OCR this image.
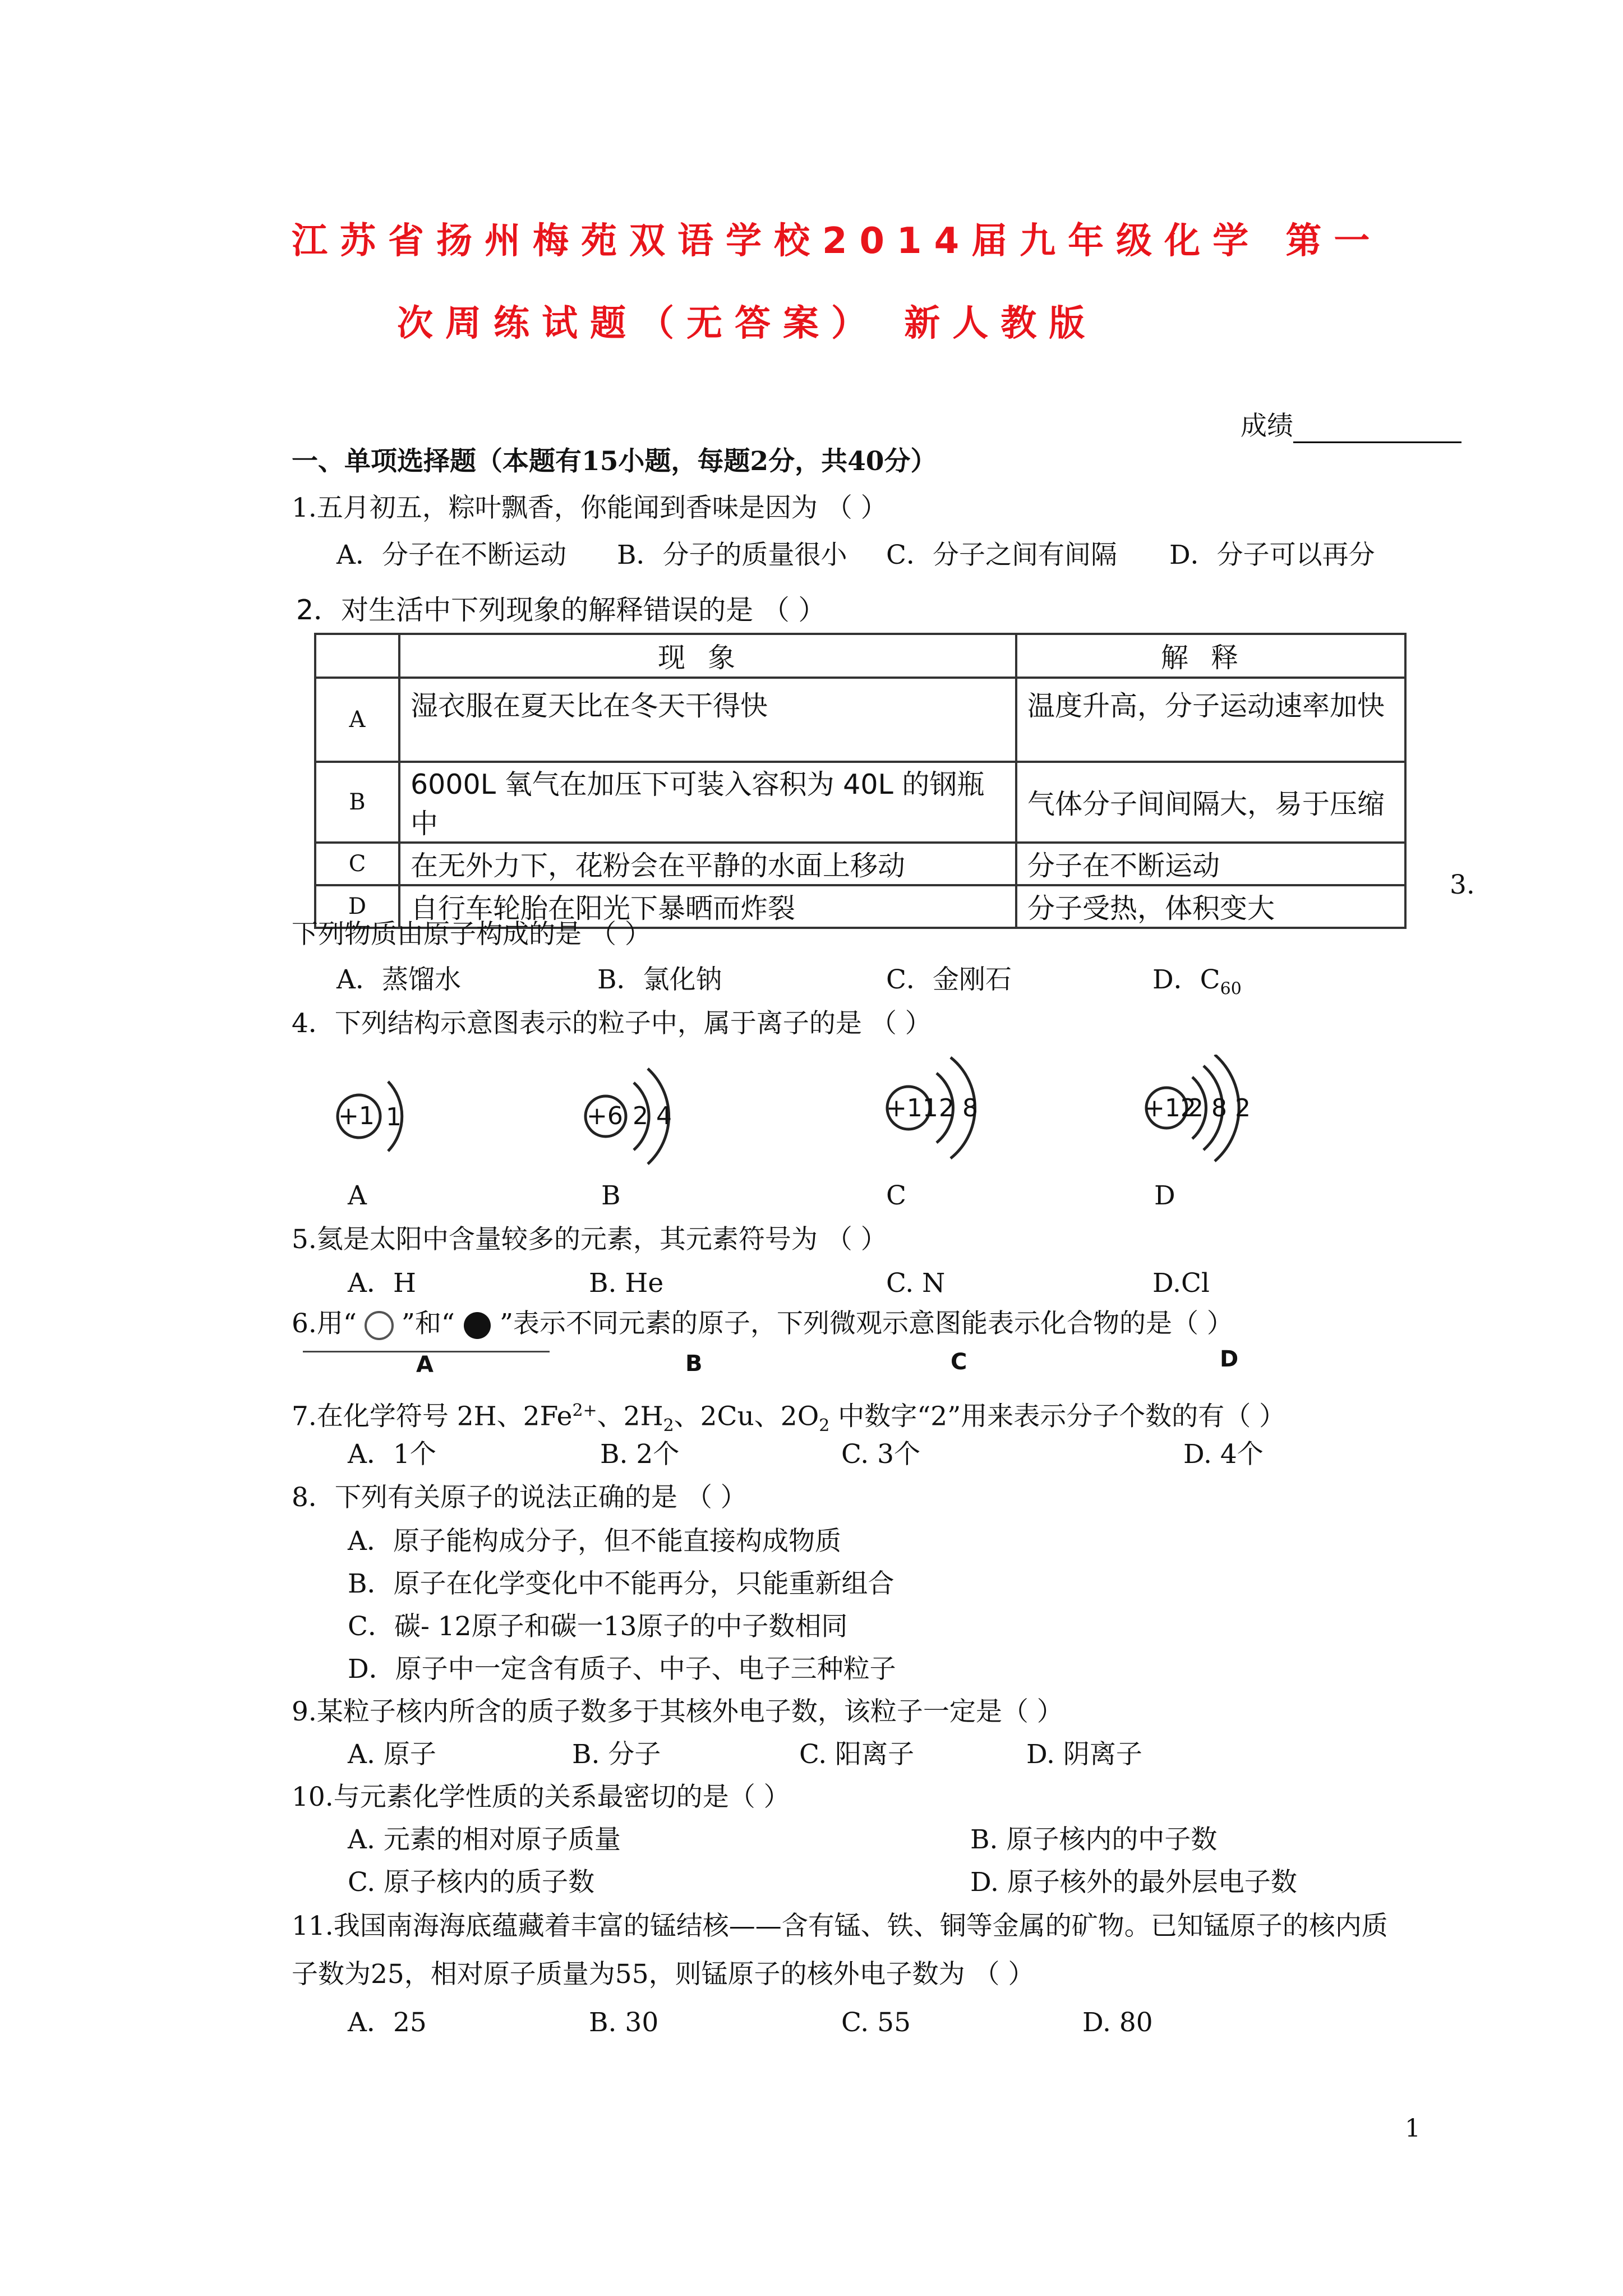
江苏省扬州梅苑双语学校2014届九年级化学 第一
次周练试题（无答案） 新人教版
成绩
一、单项选择题（本题有15小题，每题2分，共40分）
1.五月初五，粽叶飘香，你能闻到香味是因为 （ ）
A．分子在不断运动 B．分子的质量很小 C．分子之间有间隔 D．分子可以再分
2．对生活中下列现象的解释错误的是 （ ）
	现象	解释
A	湿衣服在夏天比在冬天干得快	温度升高，分子运动速率加快
B	6000L 氧气在加压下可装入容积为 40L 的钢瓶中	气体分子间间隔大，易于压缩
C	在无外力下，花粉会在平静的水面上移动	分子在不断运动
D	自行车轮胎在阳光下暴晒而炸裂	分子受热，体积变大
3.
下列物质由原子构成的是 （ ）
A．蒸馏水	B．氯化钠	C．金刚石	D．$C_{60}$
4．下列结构示意图表示的粒子中，属于离子的是 （ ）
+1 1	+6 2 4	+11 2 8	+12
2 8 2
A	B	C	D
5.氦是太阳中含量较多的元素，其元素符号为 （ ）
A．H	B. He	C. N	D.Cl
6.用“ ”和“ ”表示不同元素的原子，下列微观示意图能表示化合物的是（ ）
A	B	C	D
7.在化学符号 2H、$2Fe^{2+}$、$2H_2$、2Cu、$2O_2$ 中数字“2”用来表示分子个数的有（ ）
A．1个	B. 2个	C. 3个	D. 4个
8．下列有关原子的说法正确的是 （ ）
A．原子能构成分子，但不能直接构成物质
B．原子在化学变化中不能再分，只能重新组合
C．碳- 12原子和碳一13原子的中子数相同
D．原子中一定含有质子、中子、电子三种粒子
9.某粒子核内所含的质子数多于其核外电子数，该粒子一定是（ ）
A. 原子	B. 分子	C. 阳离子	D. 阴离子
10.与元素化学性质的关系最密切的是（ ）
A. 元素的相对原子质量	B. 原子核内的中子数
C. 原子核内的质子数	D. 原子核外的最外层电子数
11.我国南海海底蕴藏着丰富的锰结核——含有锰、铁、铜等金属的矿物。已知锰原子的核内质
子数为25，相对原子质量为55，则锰原子的核外电子数为 （ ）
A．25	B. 30	C. 55	D. 80
1
